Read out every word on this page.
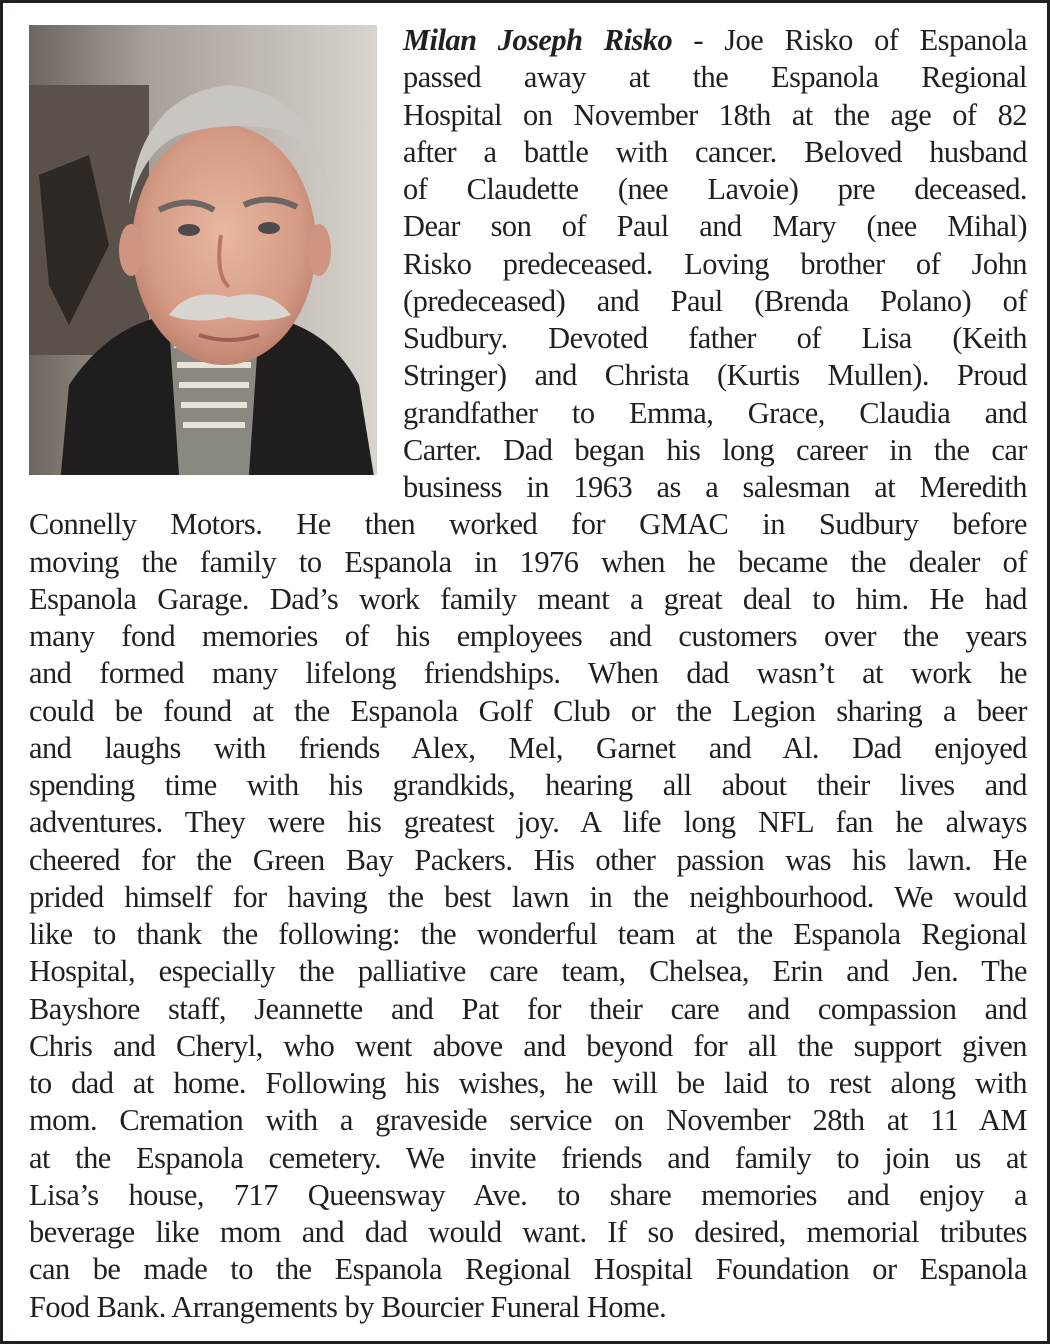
Milan Joseph Risko - Joe Risko of Espanola
passed away at the Espanola Regional
Hospital on November 18th at the age of 82
after a battle with cancer. Beloved husband
of Claudette (nee Lavoie) pre deceased.
Dear son of Paul and Mary (nee Mihal)
Risko predeceased. Loving brother of John
(predeceased) and Paul (Brenda Polano) of
Sudbury. Devoted father of Lisa (Keith
Stringer) and Christa (Kurtis Mullen). Proud
grandfather to Emma, Grace, Claudia and
Carter. Dad began his long career in the car
business in 1963 as a salesman at Meredith
Connelly Motors. He then worked for GMAC in Sudbury before
moving the family to Espanola in 1976 when he became the dealer of
Espanola Garage. Dad’s work family meant a great deal to him. He had
many fond memories of his employees and customers over the years
and formed many lifelong friendships. When dad wasn’t at work he
could be found at the Espanola Golf Club or the Legion sharing a beer
and laughs with friends Alex, Mel, Garnet and Al. Dad enjoyed
spending time with his grandkids, hearing all about their lives and
adventures. They were his greatest joy. A life long NFL fan he always
cheered for the Green Bay Packers. His other passion was his lawn. He
prided himself for having the best lawn in the neighbourhood. We would
like to thank the following: the wonderful team at the Espanola Regional
Hospital, especially the palliative care team, Chelsea, Erin and Jen. The
Bayshore staff, Jeannette and Pat for their care and compassion and
Chris and Cheryl, who went above and beyond for all the support given
to dad at home. Following his wishes, he will be laid to rest along with
mom. Cremation with a graveside service on November 28th at 11 AM
at the Espanola cemetery. We invite friends and family to join us at
Lisa’s house, 717 Queensway Ave. to share memories and enjoy a
beverage like mom and dad would want. If so desired, memorial tributes
can be made to the Espanola Regional Hospital Foundation or Espanola
Food Bank. Arrangements by Bourcier Funeral Home.
